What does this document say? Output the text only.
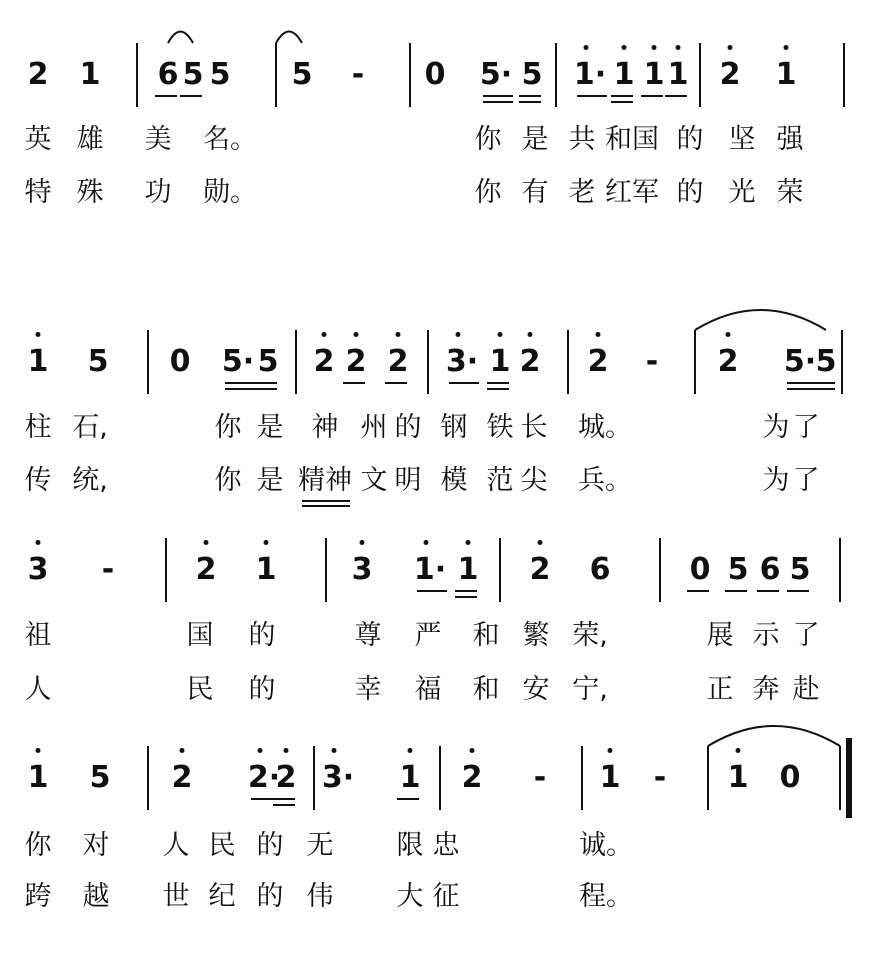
2 1 6 5 5 5 - 0 5· 5 1· 1 1 1 2 1
英 雄 美 名。	你 是 共 和国 的 坚 强
特 殊 功 勋。	你 有 老 红军 的 光 荣
1 5 0 5· 5 2 2 2 3· 1 2 2 - 2 5· 5
柱 石,	你 是 神 州 的 钢 铁 长 城。	为 了
传 统,	你 是 精神 文 明 模 范 尖 兵。	为 了
3 -	2 1	3 1· 1 2 6	0 5 6 5
祖	国 的	尊 严 和 繁 荣,	展 示 了
人	民 的	幸 福 和 安 宁,	正 奔 赴
1 5 2 2·
2 3· 1 2 - 1 - 1 0
你 对 人 民 的 无 限 忠	诚。
跨 越 世 纪 的 伟 大 征	程。
